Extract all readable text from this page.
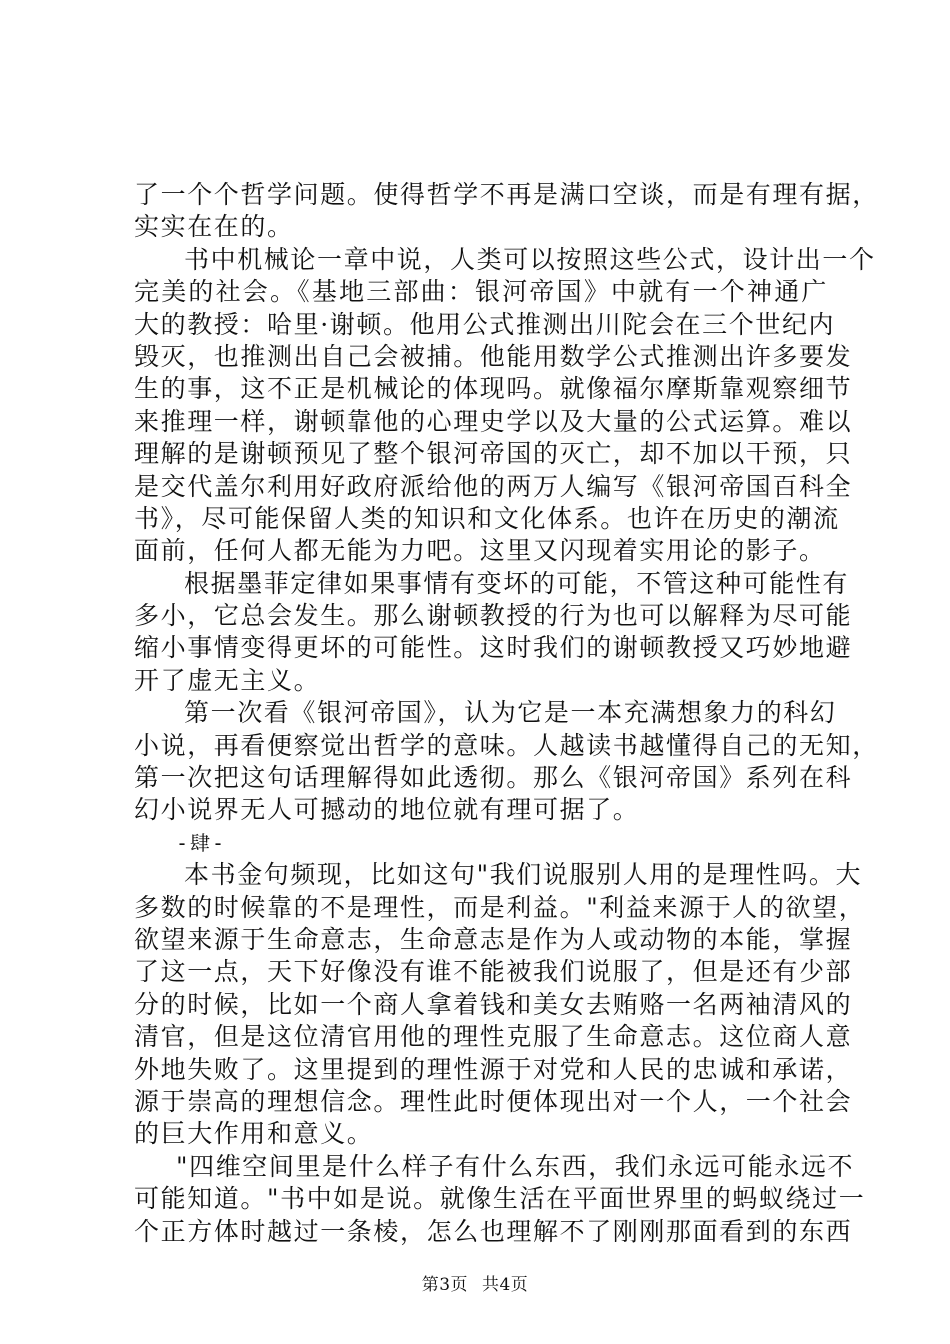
了一个个哲学问题。使得哲学不再是满口空谈，而是有理有据，
实实在在的。
书中机械论一章中说，人类可以按照这些公式，设计出一个
完美的社会。《基地三部曲：银河帝国》中就有一个神通广
大的教授：哈里·谢顿。他用公式推测出川陀会在三个世纪内
毁灭，也推测出自己会被捕。他能用数学公式推测出许多要发
生的事，这不正是机械论的体现吗。就像福尔摩斯靠观察细节
来推理一样，谢顿靠他的心理史学以及大量的公式运算。难以
理解的是谢顿预见了整个银河帝国的灭亡，却不加以干预，只
是交代盖尔利用好政府派给他的两万人编写《银河帝国百科全
书》，尽可能保留人类的知识和文化体系。也许在历史的潮流
面前，任何人都无能为力吧。这里又闪现着实用论的影子。
根据墨菲定律如果事情有变坏的可能，不管这种可能性有
多小，它总会发生。那么谢顿教授的行为也可以解释为尽可能
缩小事情变得更坏的可能性。这时我们的谢顿教授又巧妙地避
开了虚无主义。
第一次看《银河帝国》，认为它是一本充满想象力的科幻
小说，再看便察觉出哲学的意味。人越读书越懂得自己的无知，
第一次把这句话理解得如此透彻。那么《银河帝国》系列在科
幻小说界无人可撼动的地位就有理可据了。
-肆-
本书金句频现，比如这句"我们说服别人用的是理性吗。大
多数的时候靠的不是理性，而是利益。"利益来源于人的欲望，
欲望来源于生命意志，生命意志是作为人或动物的本能，掌握
了这一点，天下好像没有谁不能被我们说服了，但是还有少部
分的时候，比如一个商人拿着钱和美女去贿赂一名两袖清风的
清官，但是这位清官用他的理性克服了生命意志。这位商人意
外地失败了。这里提到的理性源于对党和人民的忠诚和承诺，
源于崇高的理想信念。理性此时便体现出对一个人，一个社会
的巨大作用和意义。
"四维空间里是什么样子有什么东西，我们永远可能永远不
可能知道。"书中如是说。就像生活在平面世界里的蚂蚁绕过一
个正方体时越过一条棱，怎么也理解不了刚刚那面看到的东西
第3页 共4页
